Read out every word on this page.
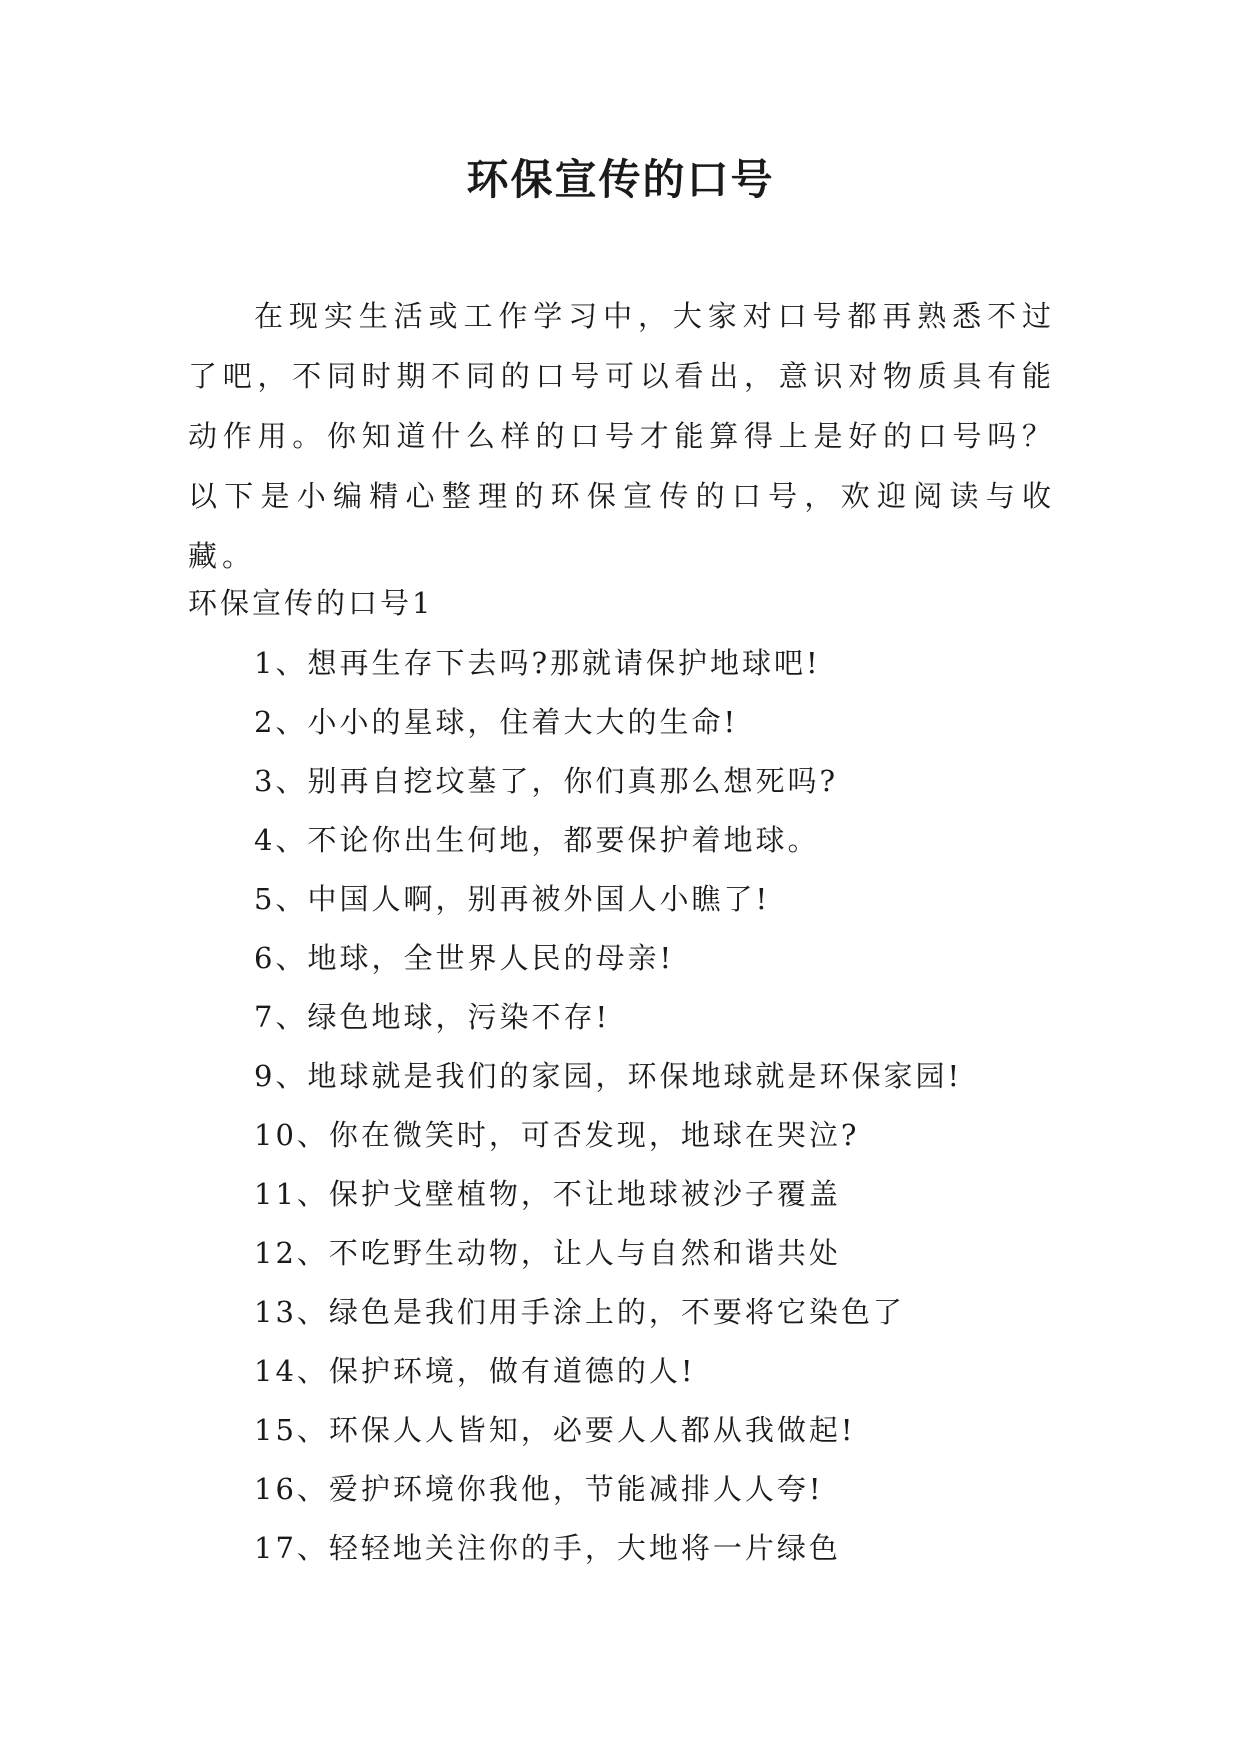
环保宣传的口号

在现实生活或工作学习中，大家对口号都再熟悉不过了吧，不同时期不同的口号可以看出，意识对物质具有能动作用。你知道什么样的口号才能算得上是好的口号吗？以下是小编精心整理的环保宣传的口号，欢迎阅读与收藏。

环保宣传的口号1
1、想再生存下去吗?那就请保护地球吧!
2、小小的星球，住着大大的生命!
3、别再自挖坟墓了，你们真那么想死吗?
4、不论你出生何地，都要保护着地球。
5、中国人啊，别再被外国人小瞧了!
6、地球，全世界人民的母亲!
7、绿色地球，污染不存!
9、地球就是我们的家园，环保地球就是环保家园!
10、你在微笑时，可否发现，地球在哭泣?
11、保护戈壁植物，不让地球被沙子覆盖
12、不吃野生动物，让人与自然和谐共处
13、绿色是我们用手涂上的，不要将它染色了
14、保护环境，做有道德的人!
15、环保人人皆知，必要人人都从我做起!
16、爱护环境你我他，节能减排人人夸!
17、轻轻地关注你的手，大地将一片绿色
